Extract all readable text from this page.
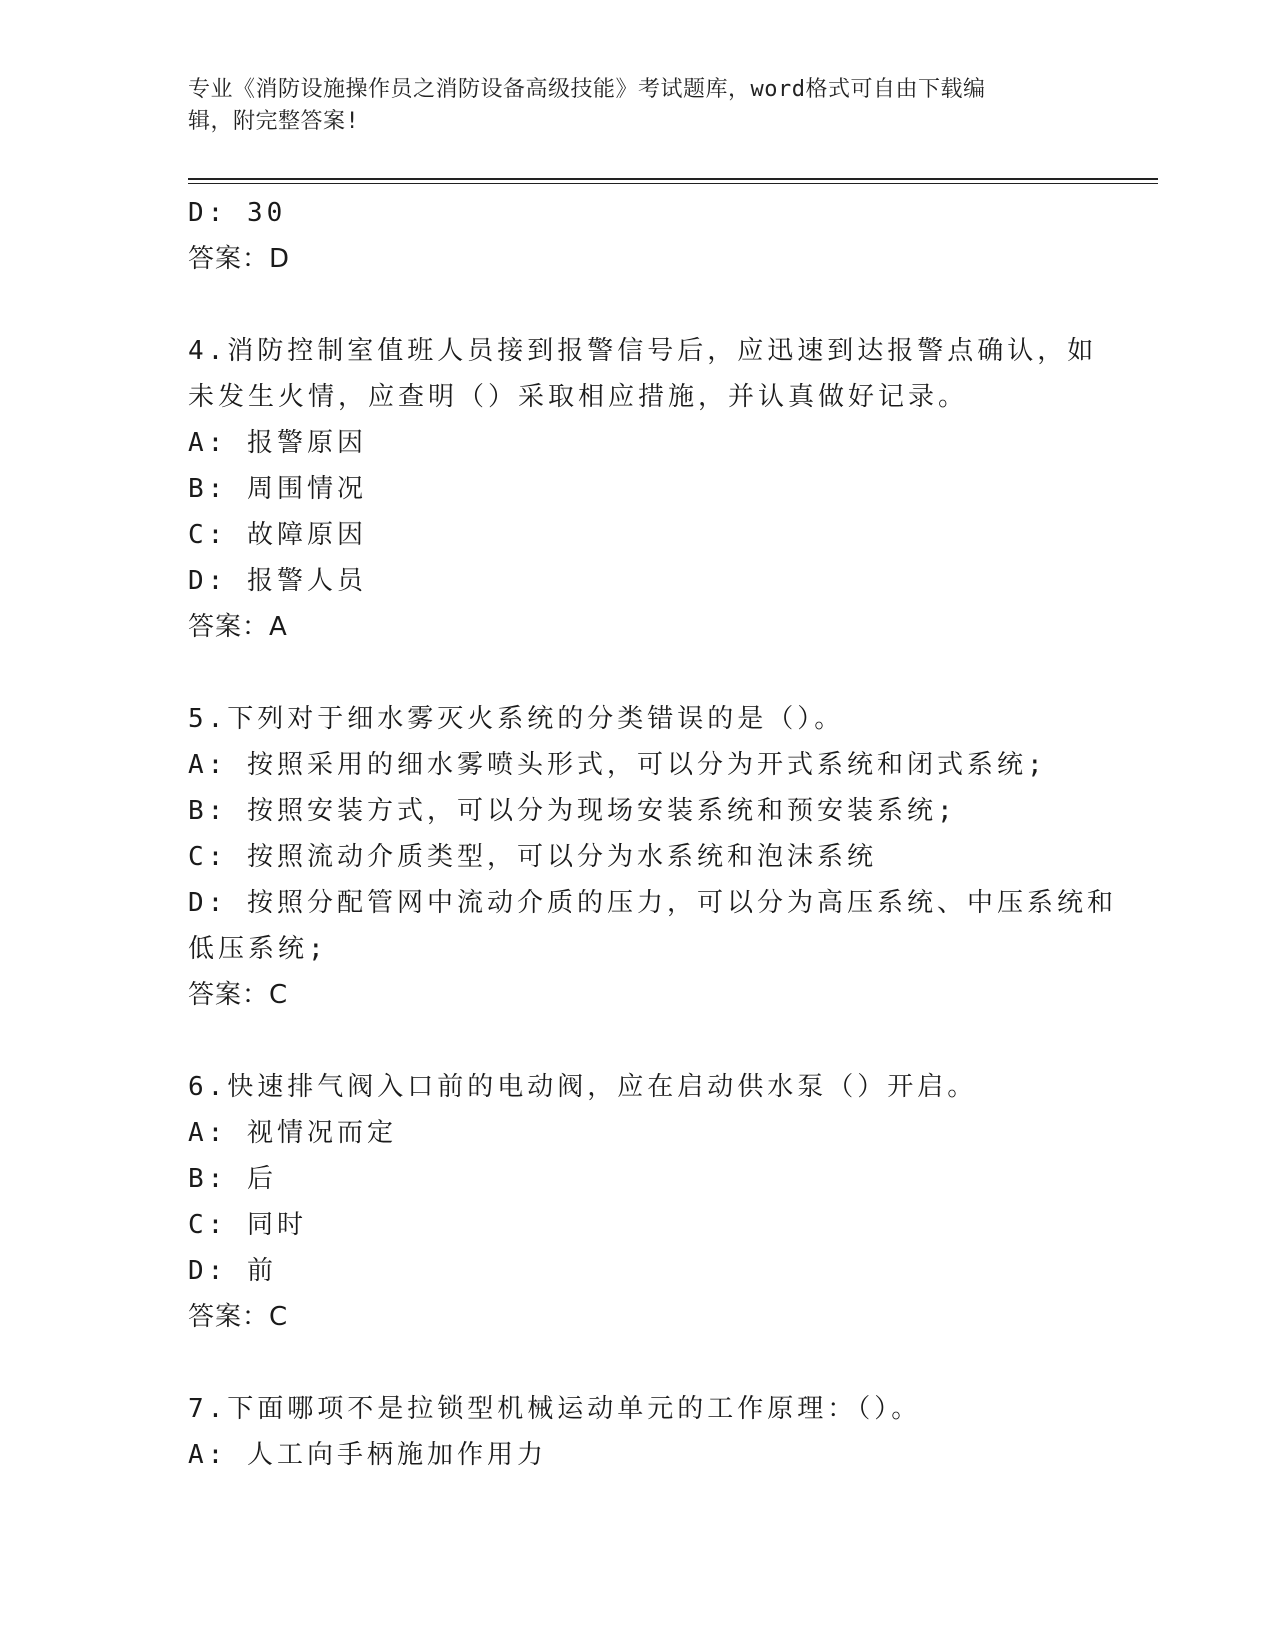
专业《消防设施操作员之消防设备高级技能》考试题库，word格式可自由下载编
辑，附完整答案!
D: 30
答案：D
4.消防控制室值班人员接到报警信号后，应迅速到达报警点确认，如
未发生火情，应查明（）采取相应措施，并认真做好记录。
A: 报警原因
B: 周围情况
C: 故障原因
D: 报警人员
答案：A
5.下列对于细水雾灭火系统的分类错误的是（）。
A: 按照采用的细水雾喷头形式，可以分为开式系统和闭式系统;
B: 按照安装方式，可以分为现场安装系统和预安装系统;
C: 按照流动介质类型，可以分为水系统和泡沫系统
D: 按照分配管网中流动介质的压力，可以分为高压系统、中压系统和
低压系统;
答案：C
6.快速排气阀入口前的电动阀，应在启动供水泵（）开启。
A: 视情况而定
B: 后
C: 同时
D: 前
答案：C
7.下面哪项不是拉锁型机械运动单元的工作原理：（）。
A: 人工向手柄施加作用力
